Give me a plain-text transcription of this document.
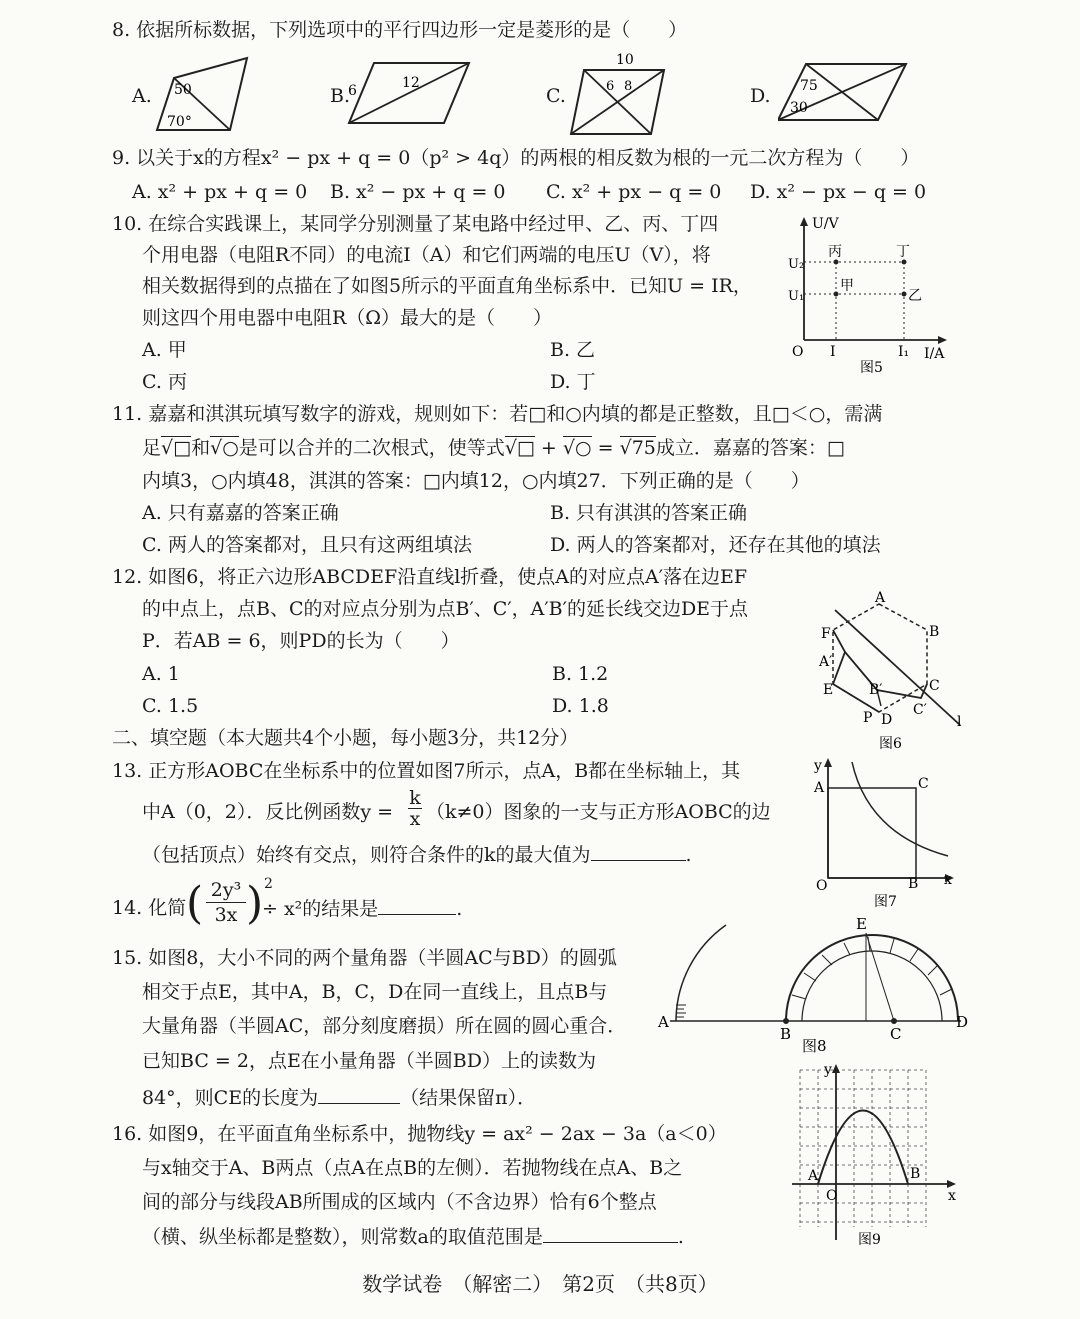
8. 依据所标数据，下列选项中的平行四边形一定是菱形的是（　　）
A. 50
70°
B.
6	12
C.
10
6 8	D. 75
30
9. 以关于x的方程x² − px + q = 0（p² > 4q）的两根的相反数为根的一元二次方程为（　　）
A. x² + px + q = 0 B. x² − px + q = 0 C. x² + px − q = 0 D. x² − px − q = 0
10. 在综合实践课上，某同学分别测量了某电路中经过甲、乙、丙、丁四
个用电器（电阻R不同）的电流I（A）和它们两端的电压U（V），将
相关数据得到的点描在了如图5所示的平面直角坐标系中．已知U = IR，
则这四个用电器中电阻R（Ω）最大的是（　　）
A. 甲	B. 乙
C. 丙	D. 丁
U/V
I/A
U₂
U₁
O I	I₁
丙	丁
甲
乙
图5
11. 嘉嘉和淇淇玩填写数字的游戏，规则如下：若□和○内填的都是正整数，且□＜○，需满
足√□和√○是可以合并的二次根式，使等式√□ + √○ = √75成立．嘉嘉的答案：□
内填3，○内填48，淇淇的答案：□内填12，○内填27．下列正确的是（　　）
A. 只有嘉嘉的答案正确	B. 只有淇淇的答案正确
C. 两人的答案都对，且只有这两组填法	D. 两人的答案都对，还存在其他的填法
12. 如图6，将正六边形ABCDEF沿直线l折叠，使点A的对应点A′落在边EF
的中点上，点B、C的对应点分别为点B′、C′，A′B′的延长线交边DE于点
P．若AB = 6，则PD的长为（　　）
A. 1	B. 1.2
C. 1.5	D. 1.8
A
B
C
D
E
F
A′
B′
C′
P	l
图6
二、填空题（本大题共4个小题，每小题3分，共12分）
13. 正方形AOBC在坐标系中的位置如图7所示，点A，B都在坐标轴上，其
中A（0，2）．反比例函数y =
k
x （k≠0）图象的一支与正方形AOBC的边
（包括顶点）始终有交点，则符合条件的k的最大值为	.
y
x
A
B
C
O
图7
14. 化简 ( 2y³
3x ) 2
÷ x²的结果是	.
15. 如图8，大小不同的两个量角器（半圆AC与BD）的圆弧
相交于点E，其中A，B，C，D在同一直线上，且点B与
大量角器（半圆AC，部分刻度磨损）所在圆的圆心重合．
已知BC = 2，点E在小量角器（半圆BD）上的读数为
84°，则CE的长度为	（结果保留π）．
A
B	C
D
E
图8
16. 如图9，在平面直角坐标系中，抛物线y = ax² − 2ax − 3a（a＜0）
与x轴交于A、B两点（点A在点B的左侧）．若抛物线在点A、B之
间的部分与线段AB所围成的区域内（不含边界）恰有6个整点
（横、纵坐标都是整数），则常数a的取值范围是	.
y
x
A	B
O
图9
数学试卷　（解密二）　第2页　（共8页）
